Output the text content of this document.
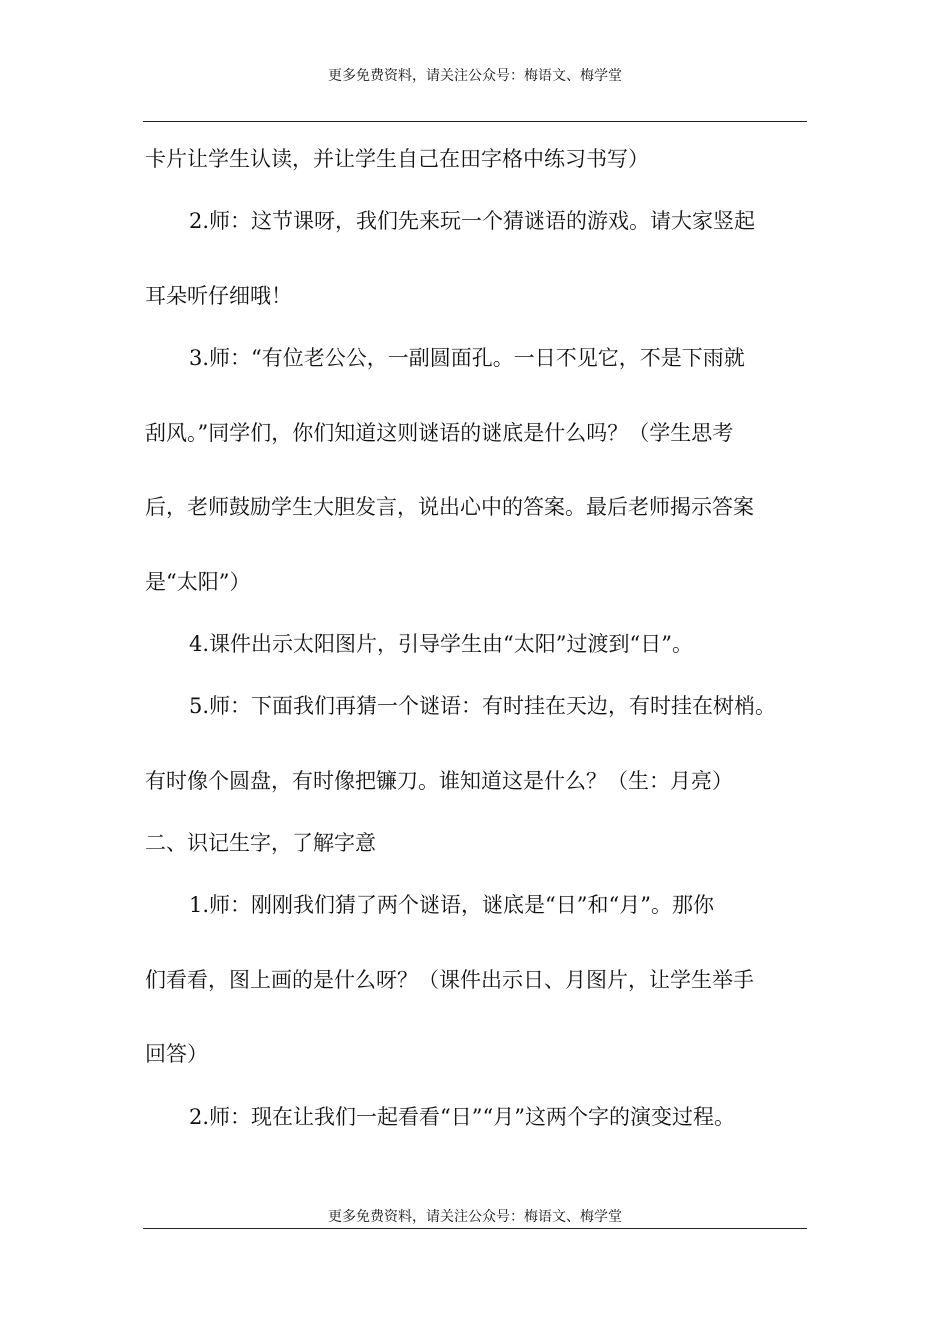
更多免费资料，请关注公众号：梅语文、梅学堂
卡片让学生认读，并让学生自己在田字格中练习书写）
2.师：这节课呀，我们先来玩一个猜谜语的游戏。请大家竖起
耳朵听仔细哦！
3.师：“有位老公公，一副圆面孔。一日不见它，不是下雨就
刮风。”同学们，你们知道这则谜语的谜底是什么吗？（学生思考
后，老师鼓励学生大胆发言，说出心中的答案。最后老师揭示答案
是“太阳”）
4.课件出示太阳图片，引导学生由“太阳”过渡到“日”。
5.师：下面我们再猜一个谜语：有时挂在天边，有时挂在树梢。
有时像个圆盘，有时像把镰刀。谁知道这是什么？（生：月亮）
二、识记生字，了解字意
1.师：刚刚我们猜了两个谜语，谜底是“日”和“月”。那你
们看看，图上画的是什么呀？（课件出示日、月图片，让学生举手
回答）
2.师：现在让我们一起看看“日”“月”这两个字的演变过程。
更多免费资料，请关注公众号：梅语文、梅学堂
